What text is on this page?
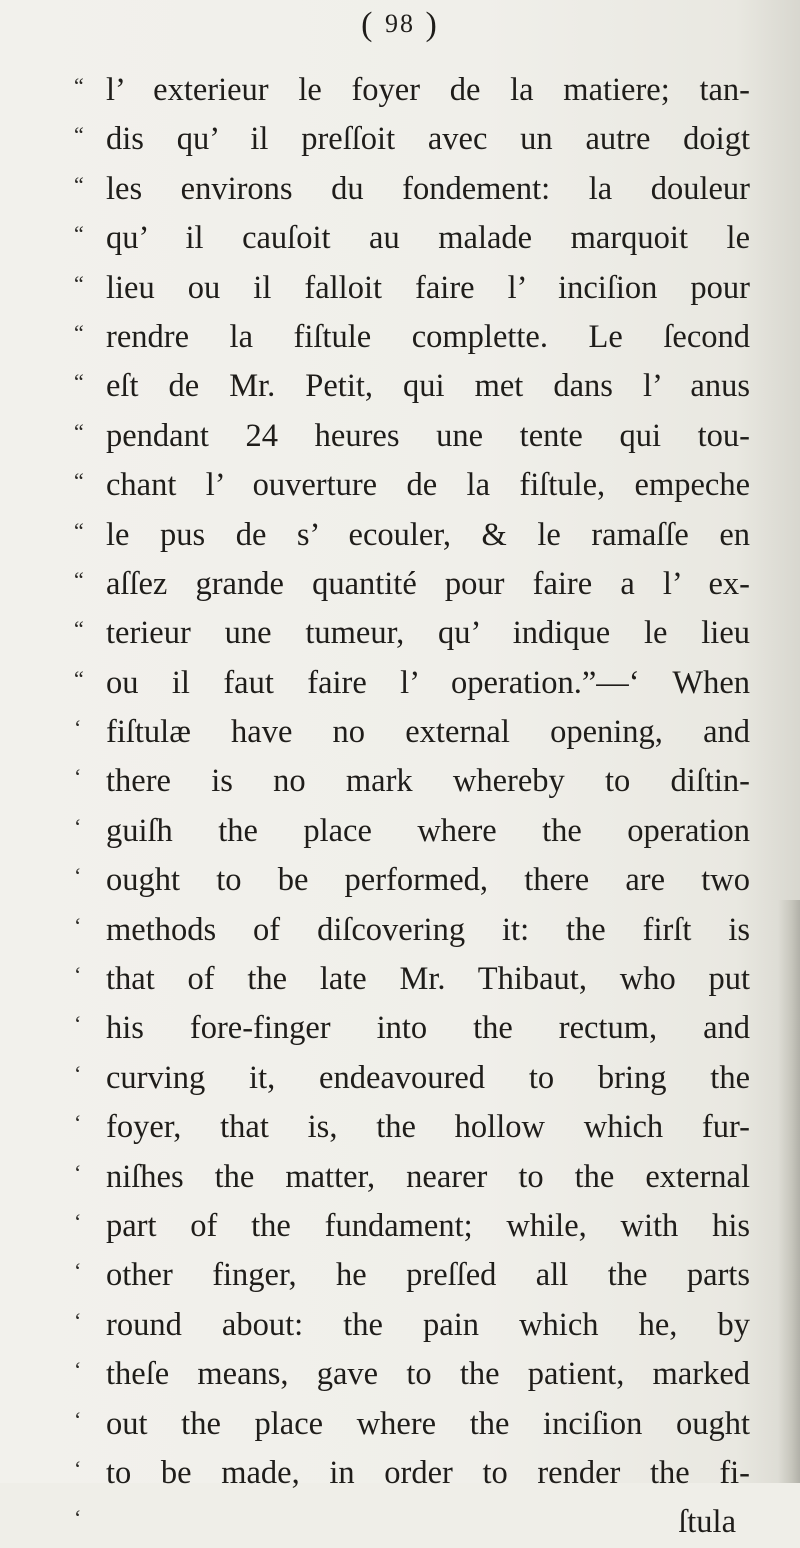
( 98 )
“ l’ exterieur le foyer de la matiere; tan-
“ dis qu’ il preſſoit avec un autre doigt
“ les environs du fondement: la douleur
“ qu’ il cauſoit au malade marquoit le
“ lieu ou il falloit faire l’ inciſion pour
“ rendre la fiſtule complette. Le ſecond
“ eſt de Mr. Petit, qui met dans l’ anus
“ pendant 24 heures une tente qui tou-
“ chant l’ ouverture de la fiſtule, empeche
“ le pus de s’ ecouler, & le ramaſſe en
“ aſſez grande quantité pour faire a l’ ex-
“ terieur une tumeur, qu’ indique le lieu
“ ou il faut faire l’ operation.”—‘ When
‘ fiſtulæ have no external opening, and
‘ there is no mark whereby to diſtin-
‘ guiſh the place where the operation
‘ ought to be performed, there are two
‘ methods of diſcovering it: the firſt is
‘ that of the late Mr. Thibaut, who put
‘ his fore-finger into the rectum, and
‘ curving it, endeavoured to bring the
‘ foyer, that is, the hollow which fur-
‘ niſhes the matter, nearer to the external
‘ part of the fundament; while, with his
‘ other finger, he preſſed all the parts
‘ round about: the pain which he, by
‘ theſe means, gave to the patient, marked
‘ out the place where the inciſion ought
‘ to be made, in order to render the fi-
‘	ſtula
